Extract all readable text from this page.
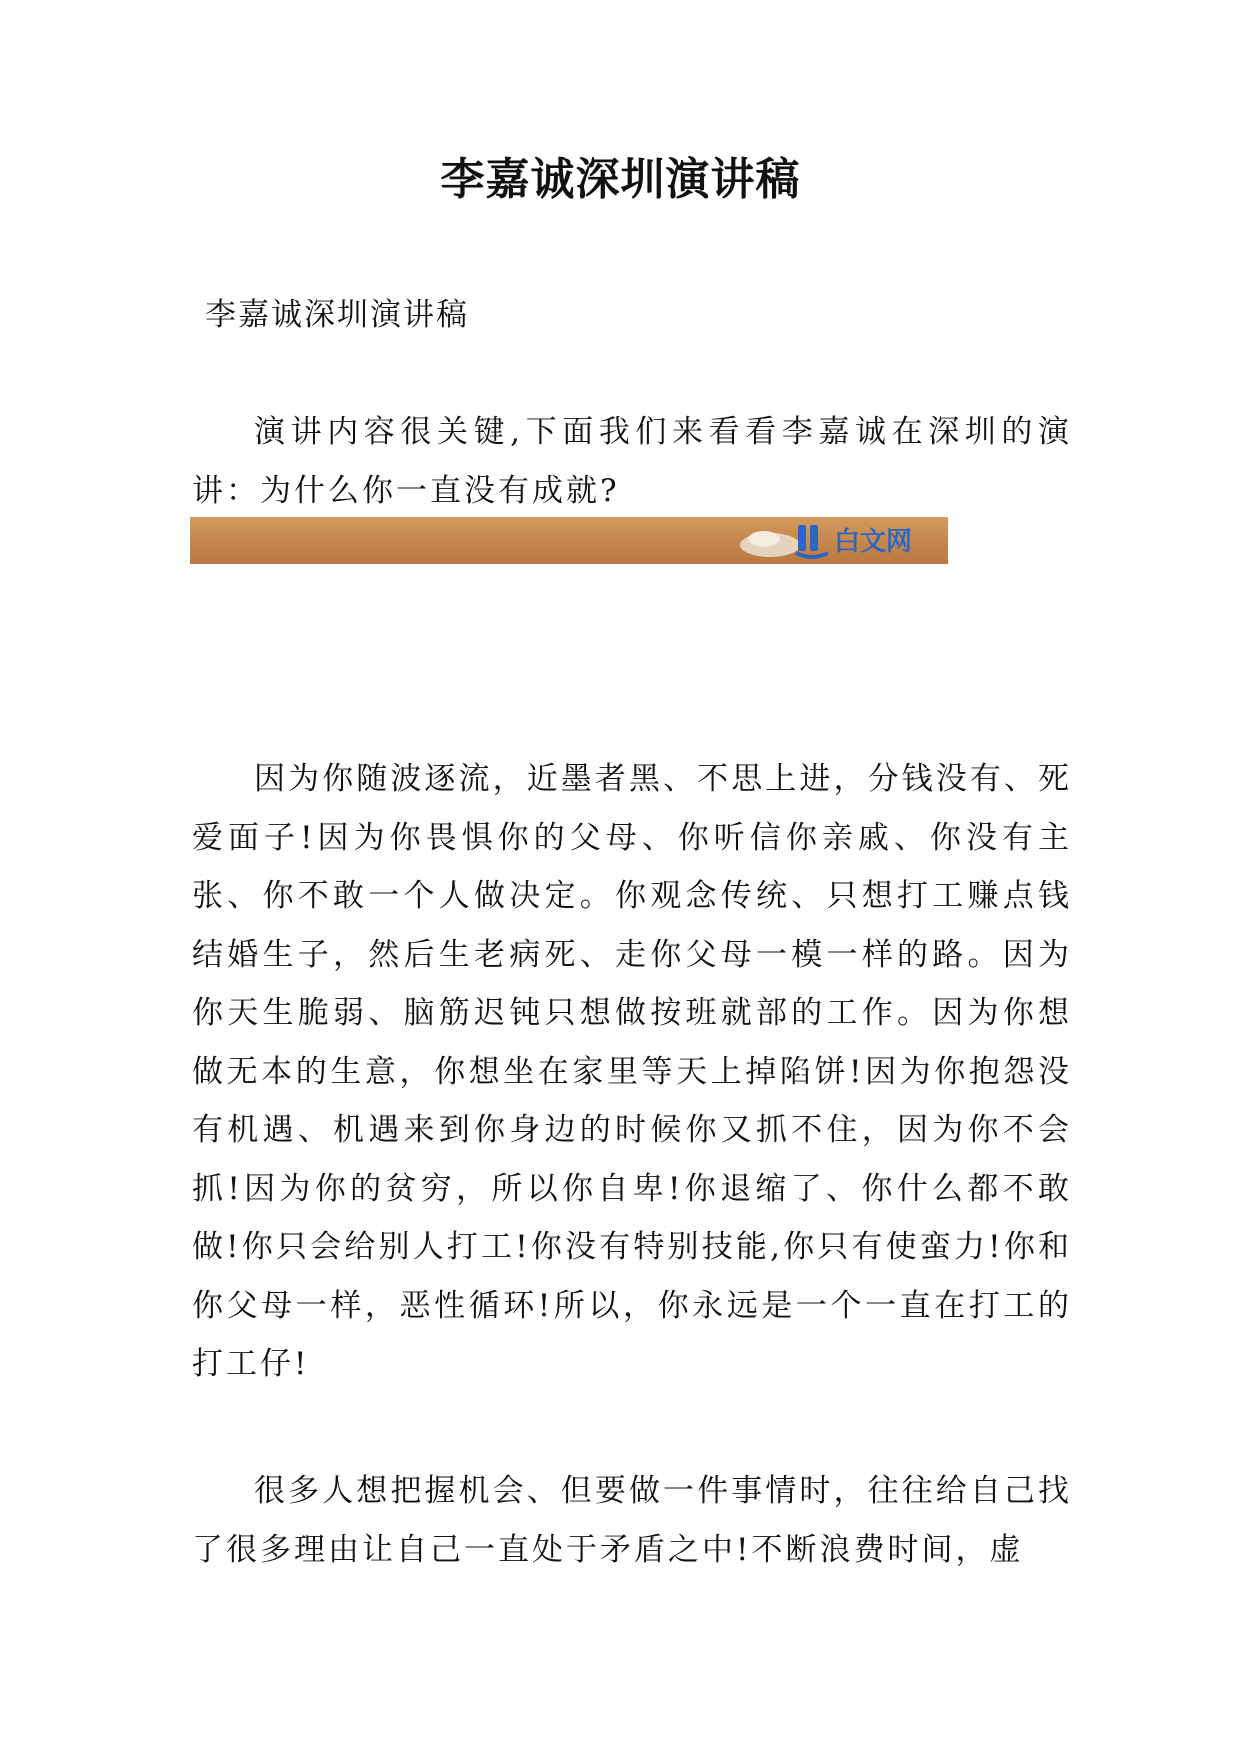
李嘉诚深圳演讲稿

李嘉诚深圳演讲稿

演讲内容很关键,下面我们来看看李嘉诚在深圳的演讲：为什么你一直没有成就?

白文网

因为你随波逐流，近墨者黑、不思上进，分钱没有、死爱面子!因为你畏惧你的父母、你听信你亲戚、你没有主张、你不敢一个人做决定。你观念传统、只想打工赚点钱结婚生子，然后生老病死、走你父母一模一样的路。因为你天生脆弱、脑筋迟钝只想做按班就部的工作。因为你想做无本的生意，你想坐在家里等天上掉陷饼!因为你抱怨没有机遇、机遇来到你身边的时候你又抓不住，因为你不会抓!因为你的贫穷，所以你自卑!你退缩了、你什么都不敢做!你只会给别人打工!你没有特别技能,你只有使蛮力!你和你父母一样，恶性循环!所以，你永远是一个一直在打工的打工仔!

很多人想把握机会、但要做一件事情时，往往给自己找了很多理由让自己一直处于矛盾之中!不断浪费时间，虚
